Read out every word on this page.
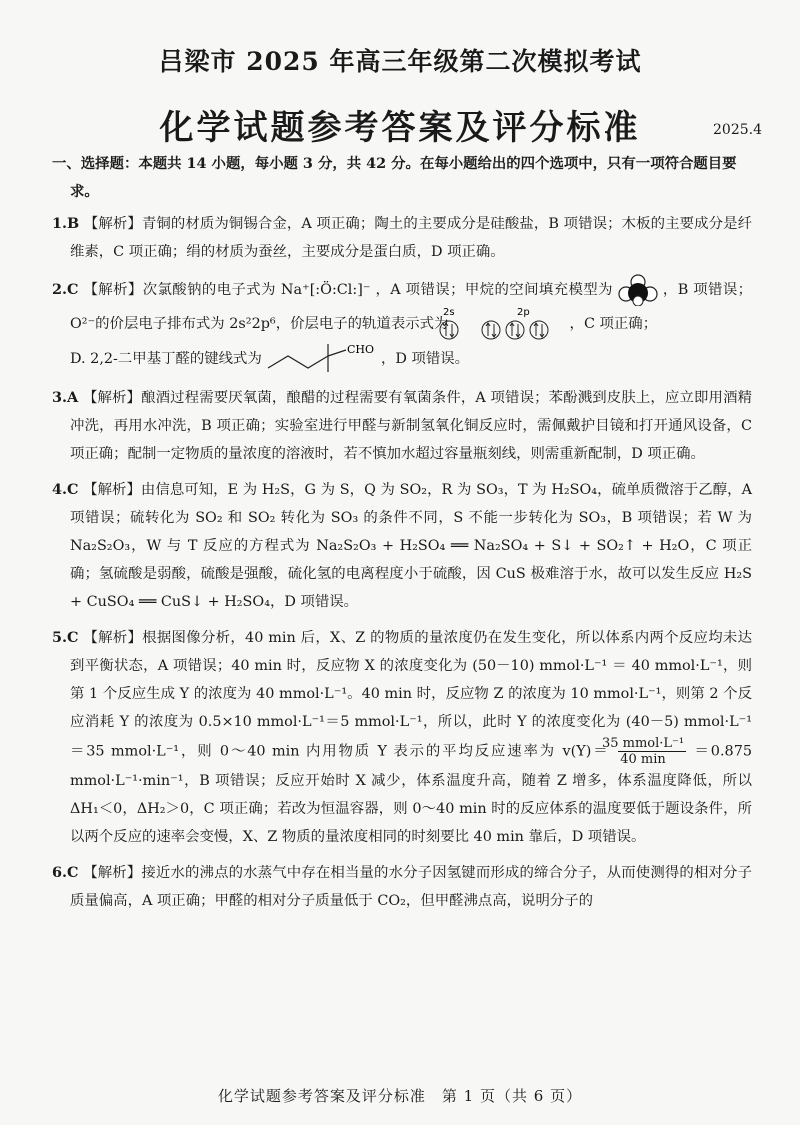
吕梁市 2025 年高三年级第二次模拟考试
化学试题参考答案及评分标准	2025.4
一、选择题：本题共 14 小题，每小题 3 分，共 42 分。在每小题给出的四个选项中，只有一项符合题目要求。
1.B 【解析】青铜的材质为铜锡合金，A 项正确；陶土的主要成分是硅酸盐，B 项错误；木板的主要成分是纤维素，C 项正确；绢的材质为蚕丝，主要成分是蛋白质，D 项正确。
2.C 【解析】次氯酸钠的电子式为 Na⁺[:Ö:Cl:]⁻ ，A 项错误；甲烷的空间填充模型为	，B 项错误；O²⁻的价层电子排布式为 2s²2p⁶，价层电子的轨道表示式为
2s	2p
，C 项正确；
D. 2,2-二甲基丁醛的键线式为
CHO
，D 项错误。
3.A 【解析】酿酒过程需要厌氧菌，酿醋的过程需要有氧菌条件，A 项错误；苯酚溅到皮肤上，应立即用酒精冲洗，再用水冲洗，B 项正确；实验室进行甲醛与新制氢氧化铜反应时，需佩戴护目镜和打开通风设备，C 项正确；配制一定物质的量浓度的溶液时，若不慎加水超过容量瓶刻线，则需重新配制，D 项正确。
4.C 【解析】由信息可知，E 为 H₂S，G 为 S，Q 为 SO₂，R 为 SO₃，T 为 H₂SO₄，硫单质微溶于乙醇，A 项错误；硫转化为 SO₂ 和 SO₂ 转化为 SO₃ 的条件不同，S 不能一步转化为 SO₃，B 项错误；若 W 为 Na₂S₂O₃，W 与 T 反应的方程式为 Na₂S₂O₃ + H₂SO₄ ══ Na₂SO₄ + S↓ + SO₂↑ + H₂O，C 项正确；氢硫酸是弱酸，硫酸是强酸，硫化氢的电离程度小于硫酸，因 CuS 极难溶于水，故可以发生反应 H₂S + CuSO₄ ══ CuS↓ + H₂SO₄，D 项错误。
5.C 【解析】根据图像分析，40 min 后，X、Z 的物质的量浓度仍在发生变化，所以体系内两个反应均未达到平衡状态，A 项错误；40 min 时，反应物 X 的浓度变化为 (50－10) mmol·L⁻¹ ＝ 40 mmol·L⁻¹，则第 1 个反应生成 Y 的浓度为 40 mmol·L⁻¹。40 min 时，反应物 Z 的浓度为 10 mmol·L⁻¹，则第 2 个反应消耗 Y 的浓度为 0.5×10 mmol·L⁻¹＝5 mmol·L⁻¹，所以，此时 Y 的浓度变化为 (40－5) mmol·L⁻¹＝35 mmol·L⁻¹，则 0～40 min 内用物质 Y 表示的平均反应速率为 $v(Y)= \frac{\text{35 mmol·L⁻¹}}{40 \min} =0.875$ mmol·L⁻¹·min⁻¹，B 项错误；反应开始时 X 减少，体系温度升高，随着 Z 增多，体系温度降低，所以 ΔH₁＜0，ΔH₂＞0，C 项正确；若改为恒温容器，则 0～40 min 时的反应体系的温度要低于题设条件，所以两个反应的速率会变慢，X、Z 物质的量浓度相同的时刻要比 40 min 靠后，D 项错误。
6.C 【解析】接近水的沸点的水蒸气中存在相当量的水分子因氢键而形成的缔合分子，从而使测得的相对分子质量偏高，A 项正确；甲醛的相对分子质量低于 CO₂，但甲醛沸点高，说明分子的
化学试题参考答案及评分标准　第 1 页（共 6 页）
